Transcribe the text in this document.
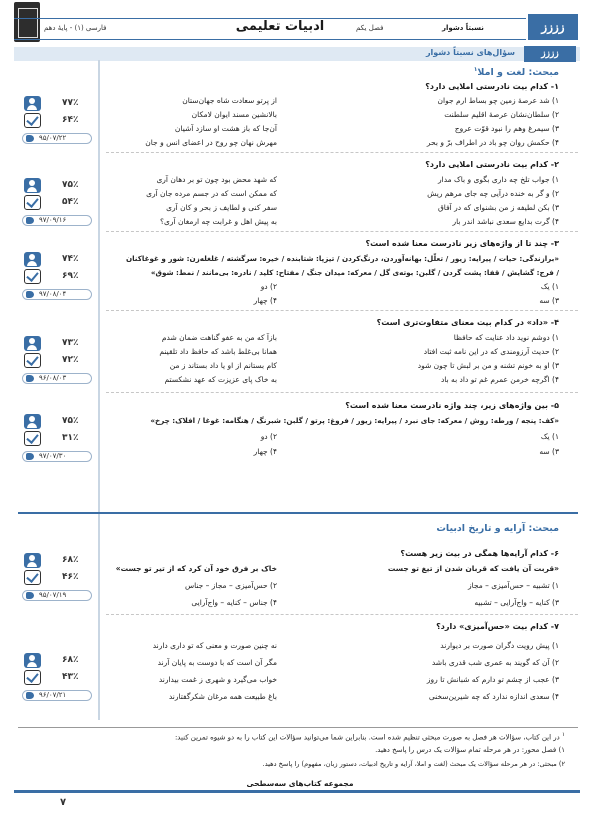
فارسی (۱) - پایهٔ دهم	ادبیات تعلیمی	فصل یکم	نسبتاً دشوار	زززز
سؤال‌های نسبتاً دشوار	زززز
مبحث: لغت و املا$^۱$
۱- کدام بیت نادرستی املایی دارد؟
۱) شد عرصهٔ زمین چو بساط ارم جوان
از پرتو سعادت شاه جهان‌ستان
۲) سلطان‌نشان عرصهٔ اقلیم سلطنت
بالانشین مسند ایوان لامکان
۳) سیمرغ وهم را نبود قوّت عروج
آن‌جا که باز هشت او سازد آشیان
۴) حکمش روان چو باد در اطراف برّ و بحر
مهرش نهان چو روح در اعضای انس و جان
۷۷٪
۶۴٪
۹۵/۰۷/۲۲
۲- کدام بیت نادرستی املایی دارد؟
۱) جواب تلخ چه داری بگوی و باک مدار
که شهد محض بود چون تو بر دهان آری
۲) و گر به خنده درآیی چه جای مرهم ریش
که ممکن است که در جسم مرده جان آری
۳) بکن لطیفه ز من بشنوای که در آفاق
سفر کنی و لطایف ز بحر و کان آری
۴) گرت بدایع سعدی نباشد اندر بار
به پیش اهل و غرابت چه ارمغان آری؟
۷۵٪
۵۴٪
۹۷/۰۹/۱۶
۳- چند تا از واژه‌های زیر نادرست معنا شده است؟
«برازندگی: حیات / پیرایه: زیور / تعلّل: بهانه‌آوردن، درنگ‌کردن / تیزپا: شتابنده / خیره: سرگشته / غلغله‌زن: شور و غوغاکنان
/ فرج: گشایش / قفا: پشت گردن / گلبن: بوته‌ی گل / معرکه: میدان جنگ / مفتاح: کلید / نادره: بی‌مانند / نمط: شوق»
۱) یک
۲) دو
۳) سه
۴) چهار
۷۴٪
۶۹٪
۹۷/۰۸/۰۴
۴- «داد» در کدام بیت معنای متفاوت‌تری است؟
۱) دوشم نوید داد عنایت که حافظا
بازآ که من به عفو گناهت ضمان شدم
۲) حدیث آرزومندی که در این نامه ثبت افتاد
همانا بی‌غلط باشد که حافظ داد تلقینم
۳) او به خونم تشنه و من بر لبش تا چون شود
کام بستانم از او یا داد بستاند ز من
۴) اگرچه خرمن عمرم غم تو داد به باد
به خاک پای عزیزت که عهد نشکستم
۷۳٪
۷۲٪
۹۶/۰۸/۰۳
۵- بین واژه‌های زیر، چند واژه نادرست معنا شده است؟
«کف: پنجه / ورطه: روش / معرکه: جای نبرد / پیرایه: زیور / فروغ: پرتو / گلبن: شبرنگ / هنگامه: غوغا / افلاک: چرخ»
۱) یک
۲) دو
۳) سه
۴) چهار
۷۵٪
۳۱٪
۹۷/۰۷/۳۰
مبحث: آرایه و تاریخ ادبیات
۶- کدام آرایه‌ها همگی در بیت زیر هست؟
«قربت آن یافت که قربان شدن از تیغ تو جست
خاک بر فرق خود آن کرد که از تیر تو جست»
۱) تشبیه – حس‌آمیزی – مجاز
۲) حس‌آمیزی – مجاز – جناس
۳) کنایه – واج‌آرایی – تشبیه
۴) جناس – کنایه – واج‌آرایی
۶۸٪
۴۶٪
۹۵/۰۷/۱۹
۷- کدام بیت «حس‌آمیزی» دارد؟
۱) پیش رویت دگران صورت بر دیوارند
نه چنین صورت و معنی که تو داری دارند
۲) آن که گویند به عمری شب قدری باشد
مگر آن است که با دوست به پایان آرند
۳) عجب از چشم تو دارم که شبانش تا روز
خواب می‌گیرد و شهری ز غمت بیدارند
۴) سعدی اندازه ندارد که چه شیرین‌سخنی
باغ طبیعت همه مرغان شکرگفتارند
۶۸٪
۴۳٪
۹۶/۰۷/۲۱
$^۱$ در این کتاب، سؤالات هر فصل به صورت مبحثی تنظیم شده است. بنابراین شما می‌توانید سؤالات این کتاب را به دو شیوه تمرین کنید:
۱) فصل محور: در هر مرحله تمام سؤالات یک درس را پاسخ دهید.
۲) مبحثی: در هر مرحله سؤالات یک مبحث (لغت و املا، آرایه و تاریخ ادبیات، دستور زبان، مفهوم) را پاسخ دهید.
مجموعه کتاب‌های سه‌سطحی
۷
